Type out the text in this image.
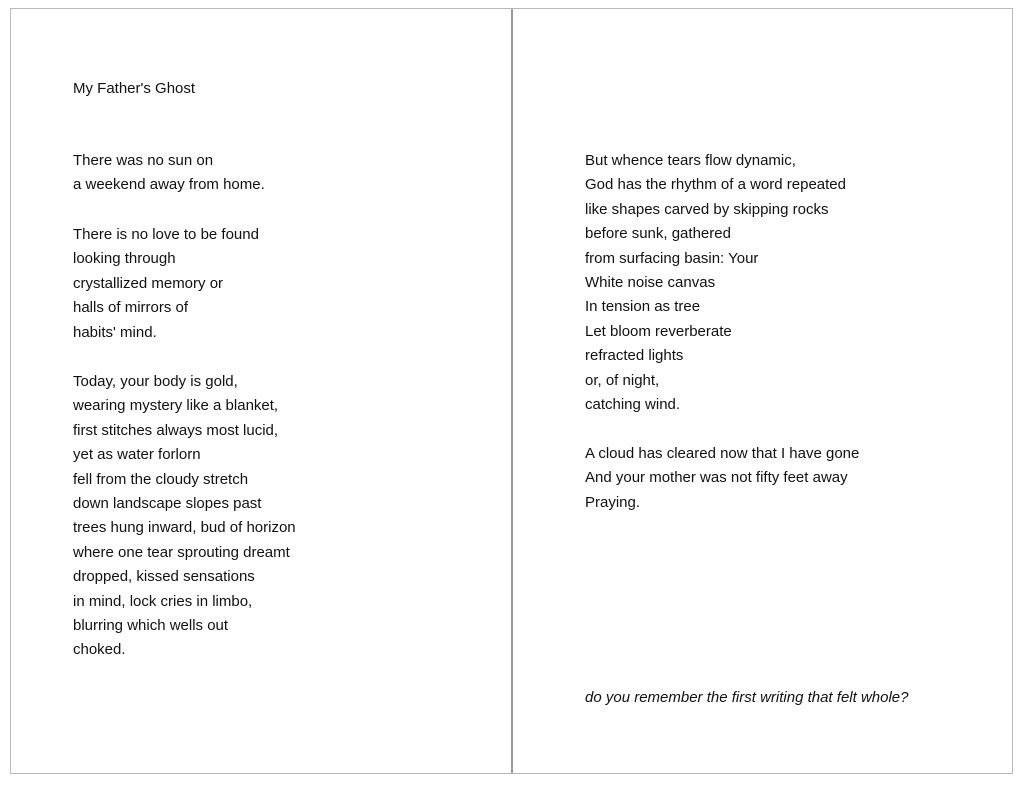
My Father's Ghost
There was no sun on
a weekend away from home.
There is no love to be found
looking through
crystallized memory or
halls of mirrors of
habits' mind.
Today, your body is gold,
wearing mystery like a blanket,
first stitches always most lucid,
yet as water forlorn
fell from the cloudy stretch
down landscape slopes past
trees hung inward, bud of horizon
where one tear sprouting dreamt
dropped, kissed sensations
in mind, lock cries in limbo,
blurring which wells out
choked.
But whence tears flow dynamic,
God has the rhythm of a word repeated
like shapes carved by skipping rocks
before sunk, gathered
from surfacing basin: Your
White noise canvas
In tension as tree
Let bloom reverberate
refracted lights
or, of night,
catching wind.
A cloud has cleared now that I have gone
And your mother was not fifty feet away
Praying.

do you remember the first writing that felt whole?
